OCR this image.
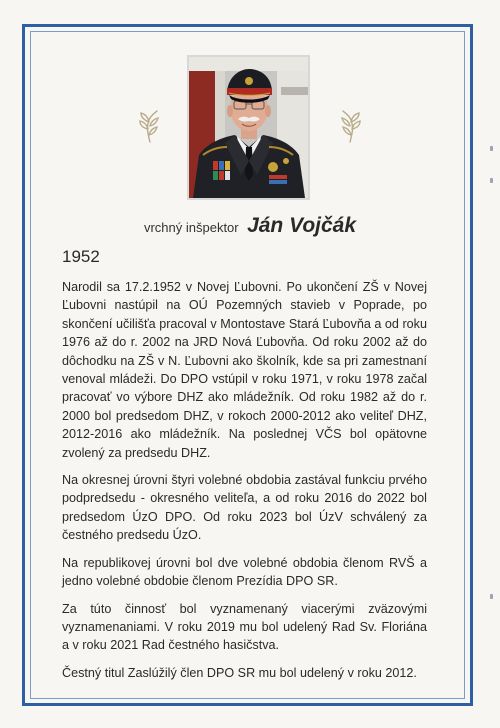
vrchný inšpektor Ján Vojčák
1952

Narodil sa 17.2.1952 v Novej Ľubovni. Po ukončení ZŠ v Novej Ľubovni nastúpil na OÚ Pozemných stavieb v Poprade, po skončení učilišťa pracoval v Montostave Stará Ľubovňa a od roku 1976 až do r. 2002 na JRD Nová Ľubovňa. Od roku 2002 až do dôchodku na ZŠ v N. Ľubovni ako školník, kde sa pri zamestnaní venoval mládeži. Do DPO vstúpil v roku 1971, v roku 1978 začal pracovať vo výbore DHZ ako mládežník. Od roku 1982 až do r. 2000 bol predsedom DHZ, v rokoch 2000-2012 ako veliteľ DHZ, 2012-2016 ako mládežník. Na poslednej VČS bol opätovne zvolený za predsedu DHZ.

Na okresnej úrovni štyri volebné obdobia zastával funkciu prvého podpredsedu - okresného veliteľa, a od roku 2016 do 2022 bol predsedom ÚzO DPO. Od roku 2023 bol ÚzV schválený za čestného predsedu ÚzO.

Na republikovej úrovni bol dve volebné obdobia členom RVŠ a jedno volebné obdobie členom Prezídia DPO SR.

Za túto činnosť bol vyznamenaný viacerými zväzovými vyznamenaniami. V roku 2019 mu bol udelený Rad Sv. Floriána a v roku 2021 Rad čestného hasičstva.

Čestný titul Zaslúžilý člen DPO SR mu bol udelený v roku 2012.
